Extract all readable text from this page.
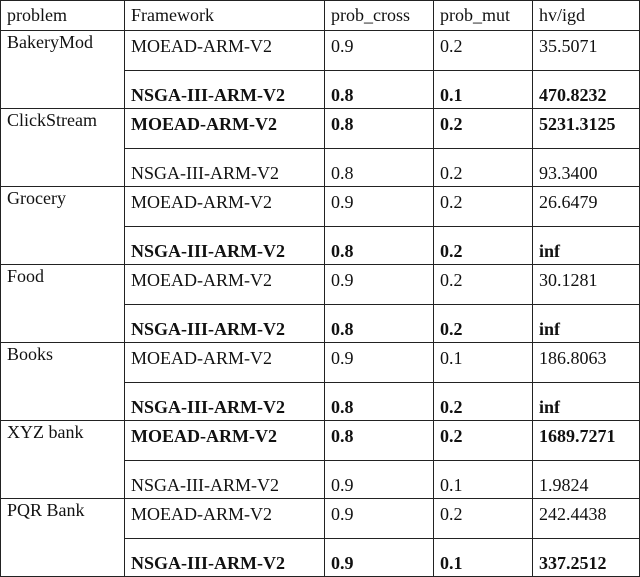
problem	Framework	prob_cross	prob_mut	hv/igd
BakeryMod	MOEAD-ARM-V2	0.9	0.2	35.5071
	NSGA-III-ARM-V2	0.8	0.1	470.8232
ClickStream	MOEAD-ARM-V2	0.8	0.2	5231.3125
	NSGA-III-ARM-V2	0.8	0.2	93.3400
Grocery	MOEAD-ARM-V2	0.9	0.2	26.6479
	NSGA-III-ARM-V2	0.8	0.2	inf
Food	MOEAD-ARM-V2	0.9	0.2	30.1281
	NSGA-III-ARM-V2	0.8	0.2	inf
Books	MOEAD-ARM-V2	0.9	0.1	186.8063
	NSGA-III-ARM-V2	0.8	0.2	inf
XYZ bank	MOEAD-ARM-V2	0.8	0.2	1689.7271
	NSGA-III-ARM-V2	0.9	0.1	1.9824
PQR Bank	MOEAD-ARM-V2	0.9	0.2	242.4438
	NSGA-III-ARM-V2	0.9	0.1	337.2512
